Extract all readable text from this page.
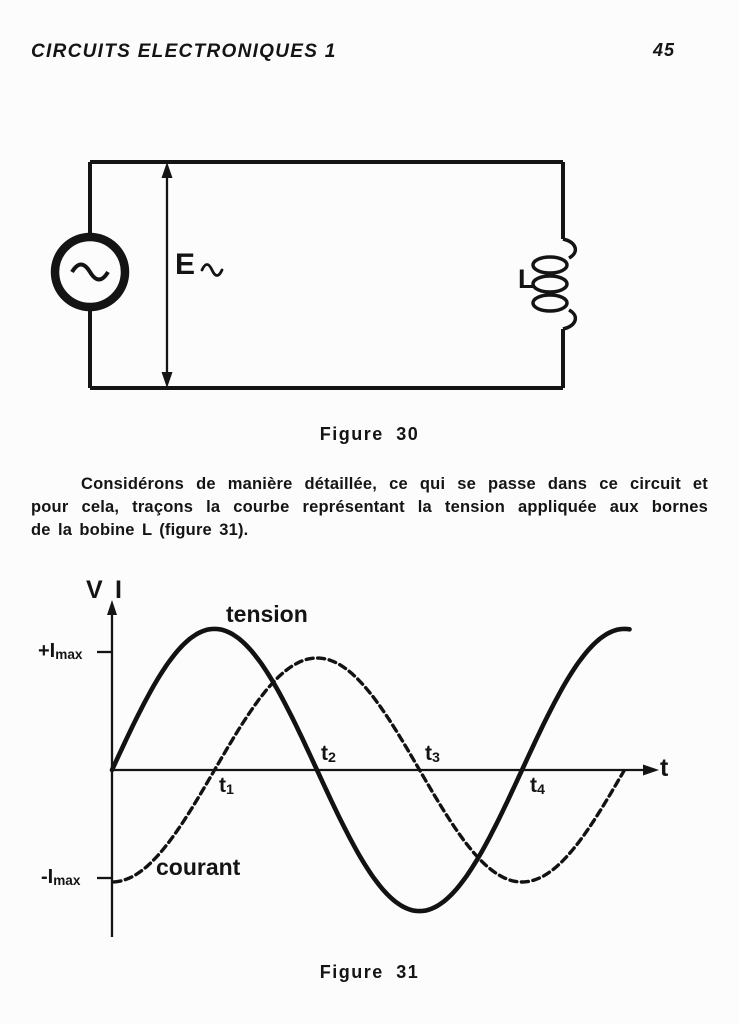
CIRCUITS ELECTRONIQUES 1	45
E	L
Figure 30
Considérons de manière détaillée, ce qui se passe dans ce circuit et
pour cela, traçons la courbe représentant la tension appliquée aux bornes
de la bobine L (figure 31).
V I
t
+Imax
-Imax
tension
courant
t1
t2	t3
t4
Figure 31
